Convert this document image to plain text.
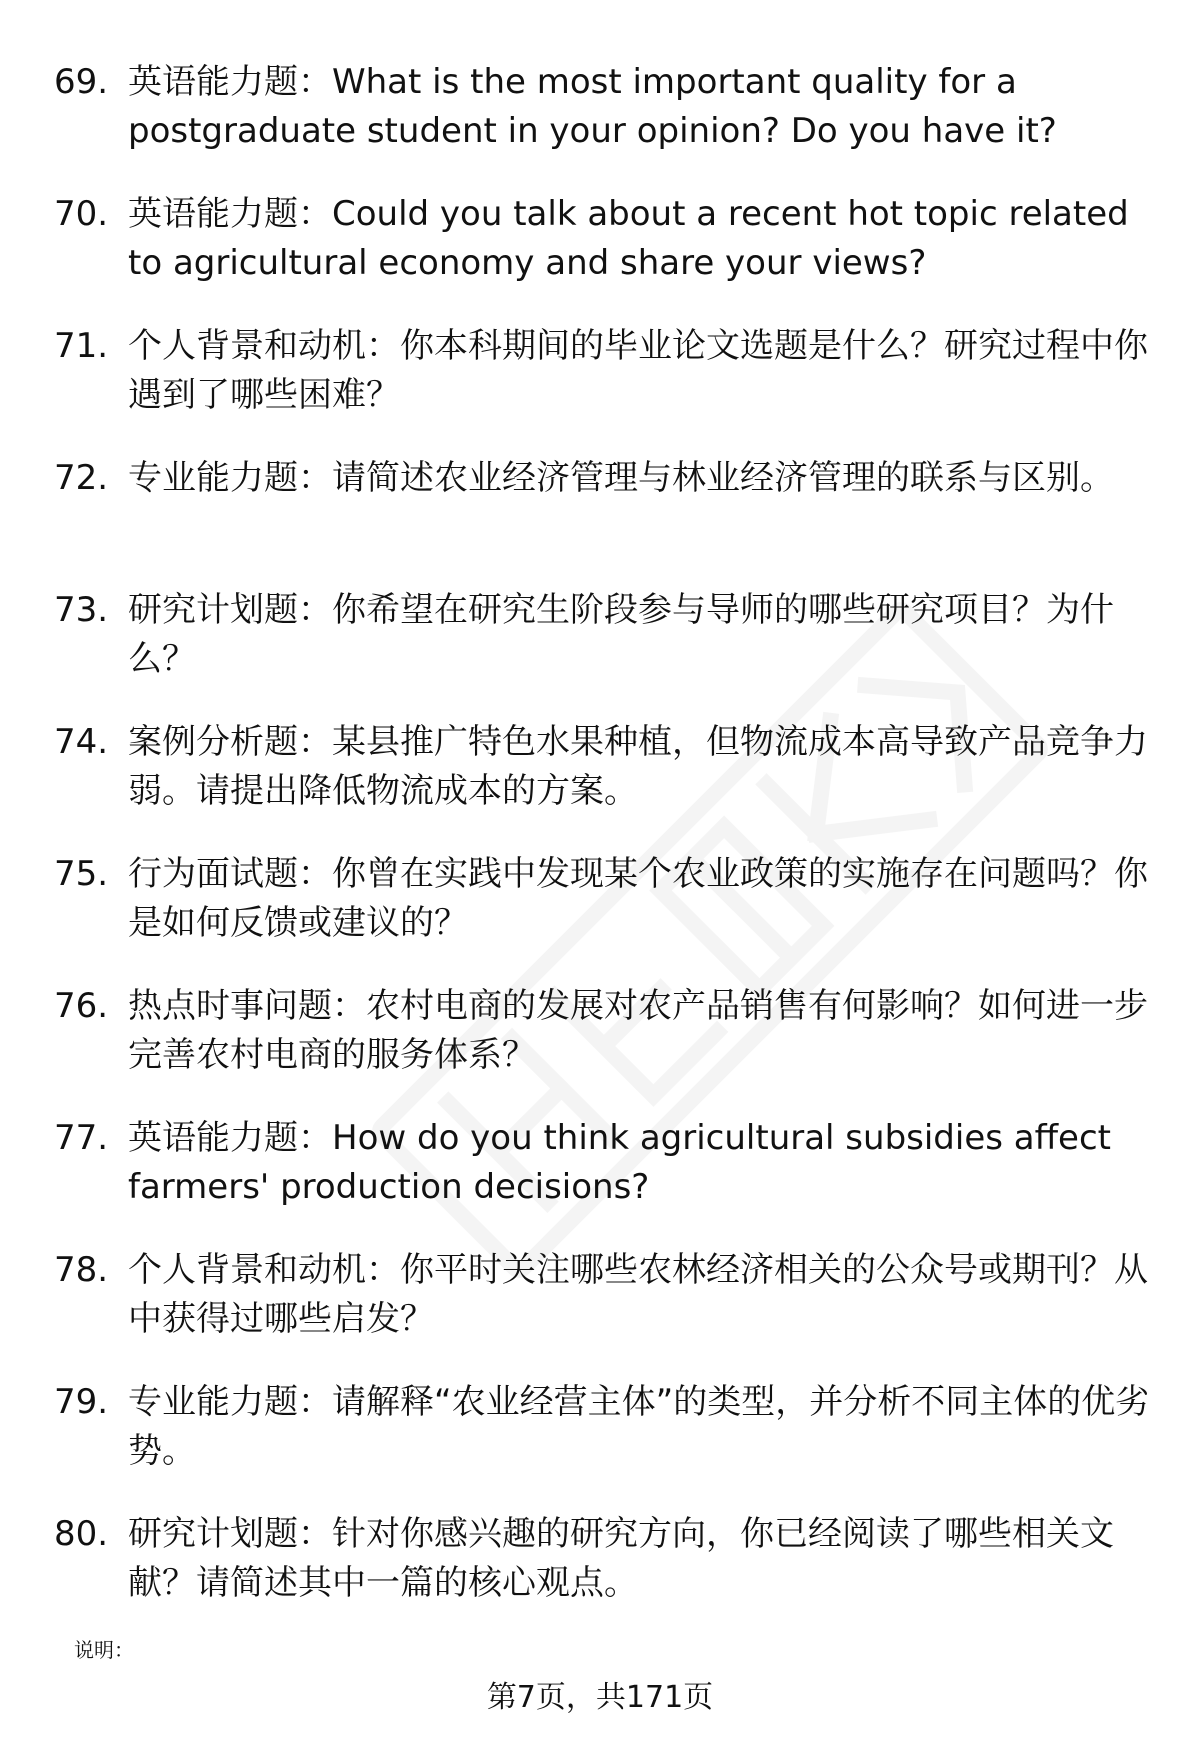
69. 英语能力题：What is the most important quality for a postgraduate student in your opinion? Do you have it?
70. 英语能力题：Could you talk about a recent hot topic related to agricultural economy and share your views?
71. 个人背景和动机：你本科期间的毕业论文选题是什么？研究过程中你遇到了哪些困难？
72. 专业能力题：请简述农业经济管理与林业经济管理的联系与区别。
73. 研究计划题：你希望在研究生阶段参与导师的哪些研究项目？为什么？
74. 案例分析题：某县推广特色水果种植，但物流成本高导致产品竞争力弱。请提出降低物流成本的方案。
75. 行为面试题：你曾在实践中发现某个农业政策的实施存在问题吗？你是如何反馈或建议的？
76. 热点时事问题：农村电商的发展对农产品销售有何影响？如何进一步完善农村电商的服务体系？
77. 英语能力题：How do you think agricultural subsidies affect farmers' production decisions?
78. 个人背景和动机：你平时关注哪些农林经济相关的公众号或期刊？从中获得过哪些启发？
79. 专业能力题：请解释“农业经营主体”的类型，并分析不同主体的优劣势。
80. 研究计划题：针对你感兴趣的研究方向，你已经阅读了哪些相关文献？请简述其中一篇的核心观点。
说明：
第7页，共171页
